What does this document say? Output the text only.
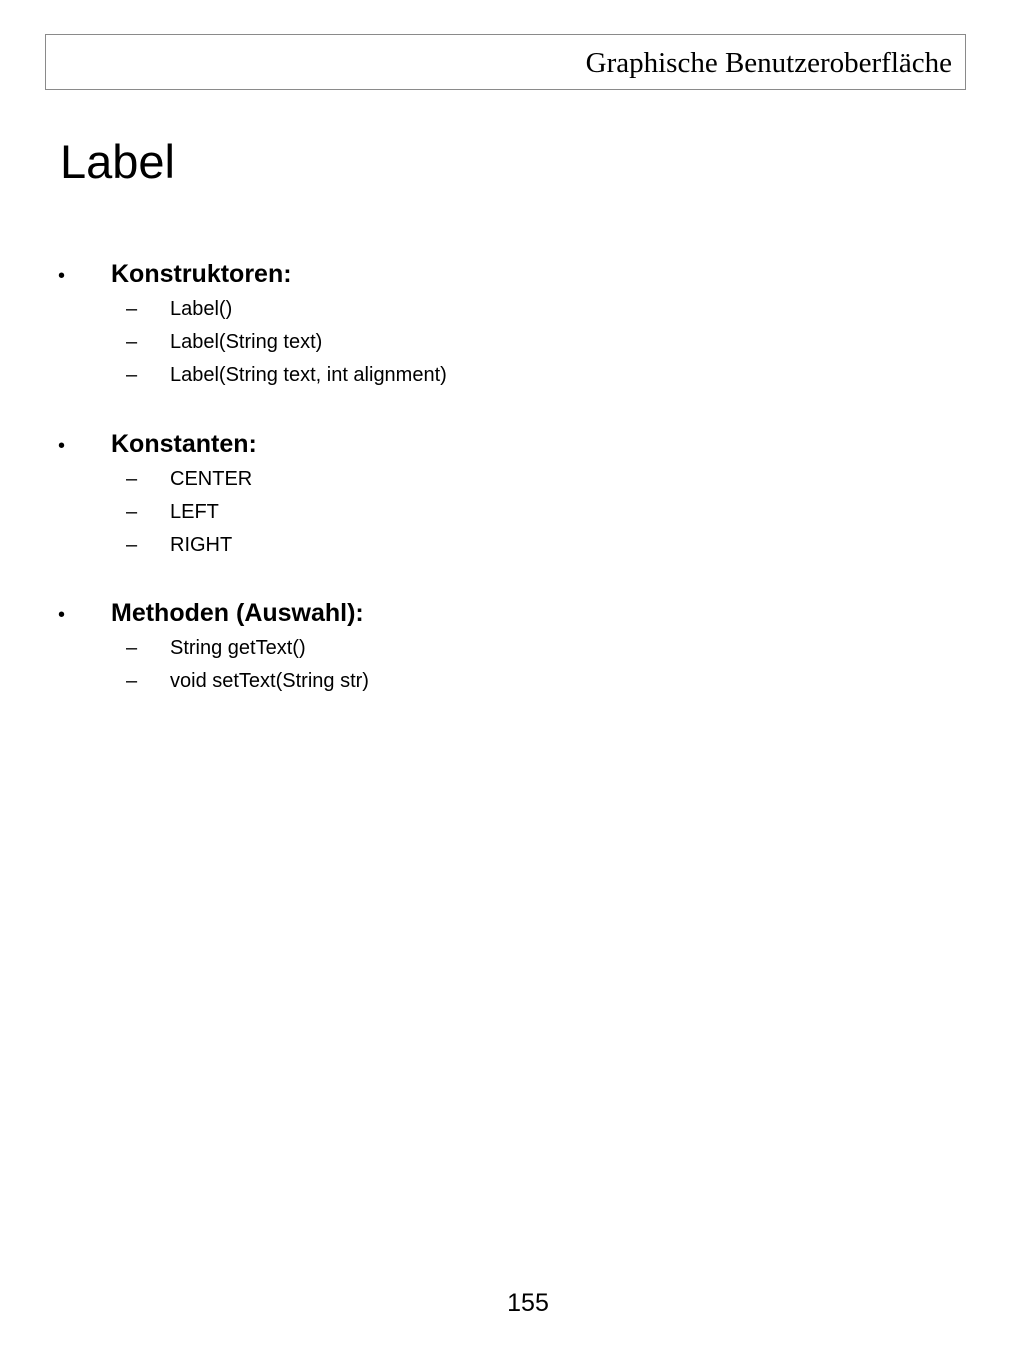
Graphische Benutzeroberfläche
Label
• Konstruktoren:
– Label()
– Label(String text)
– Label(String text, int alignment)
• Konstanten:
– CENTER
– LEFT
– RIGHT
• Methoden (Auswahl):
– String getText()
– void setText(String str)
155
